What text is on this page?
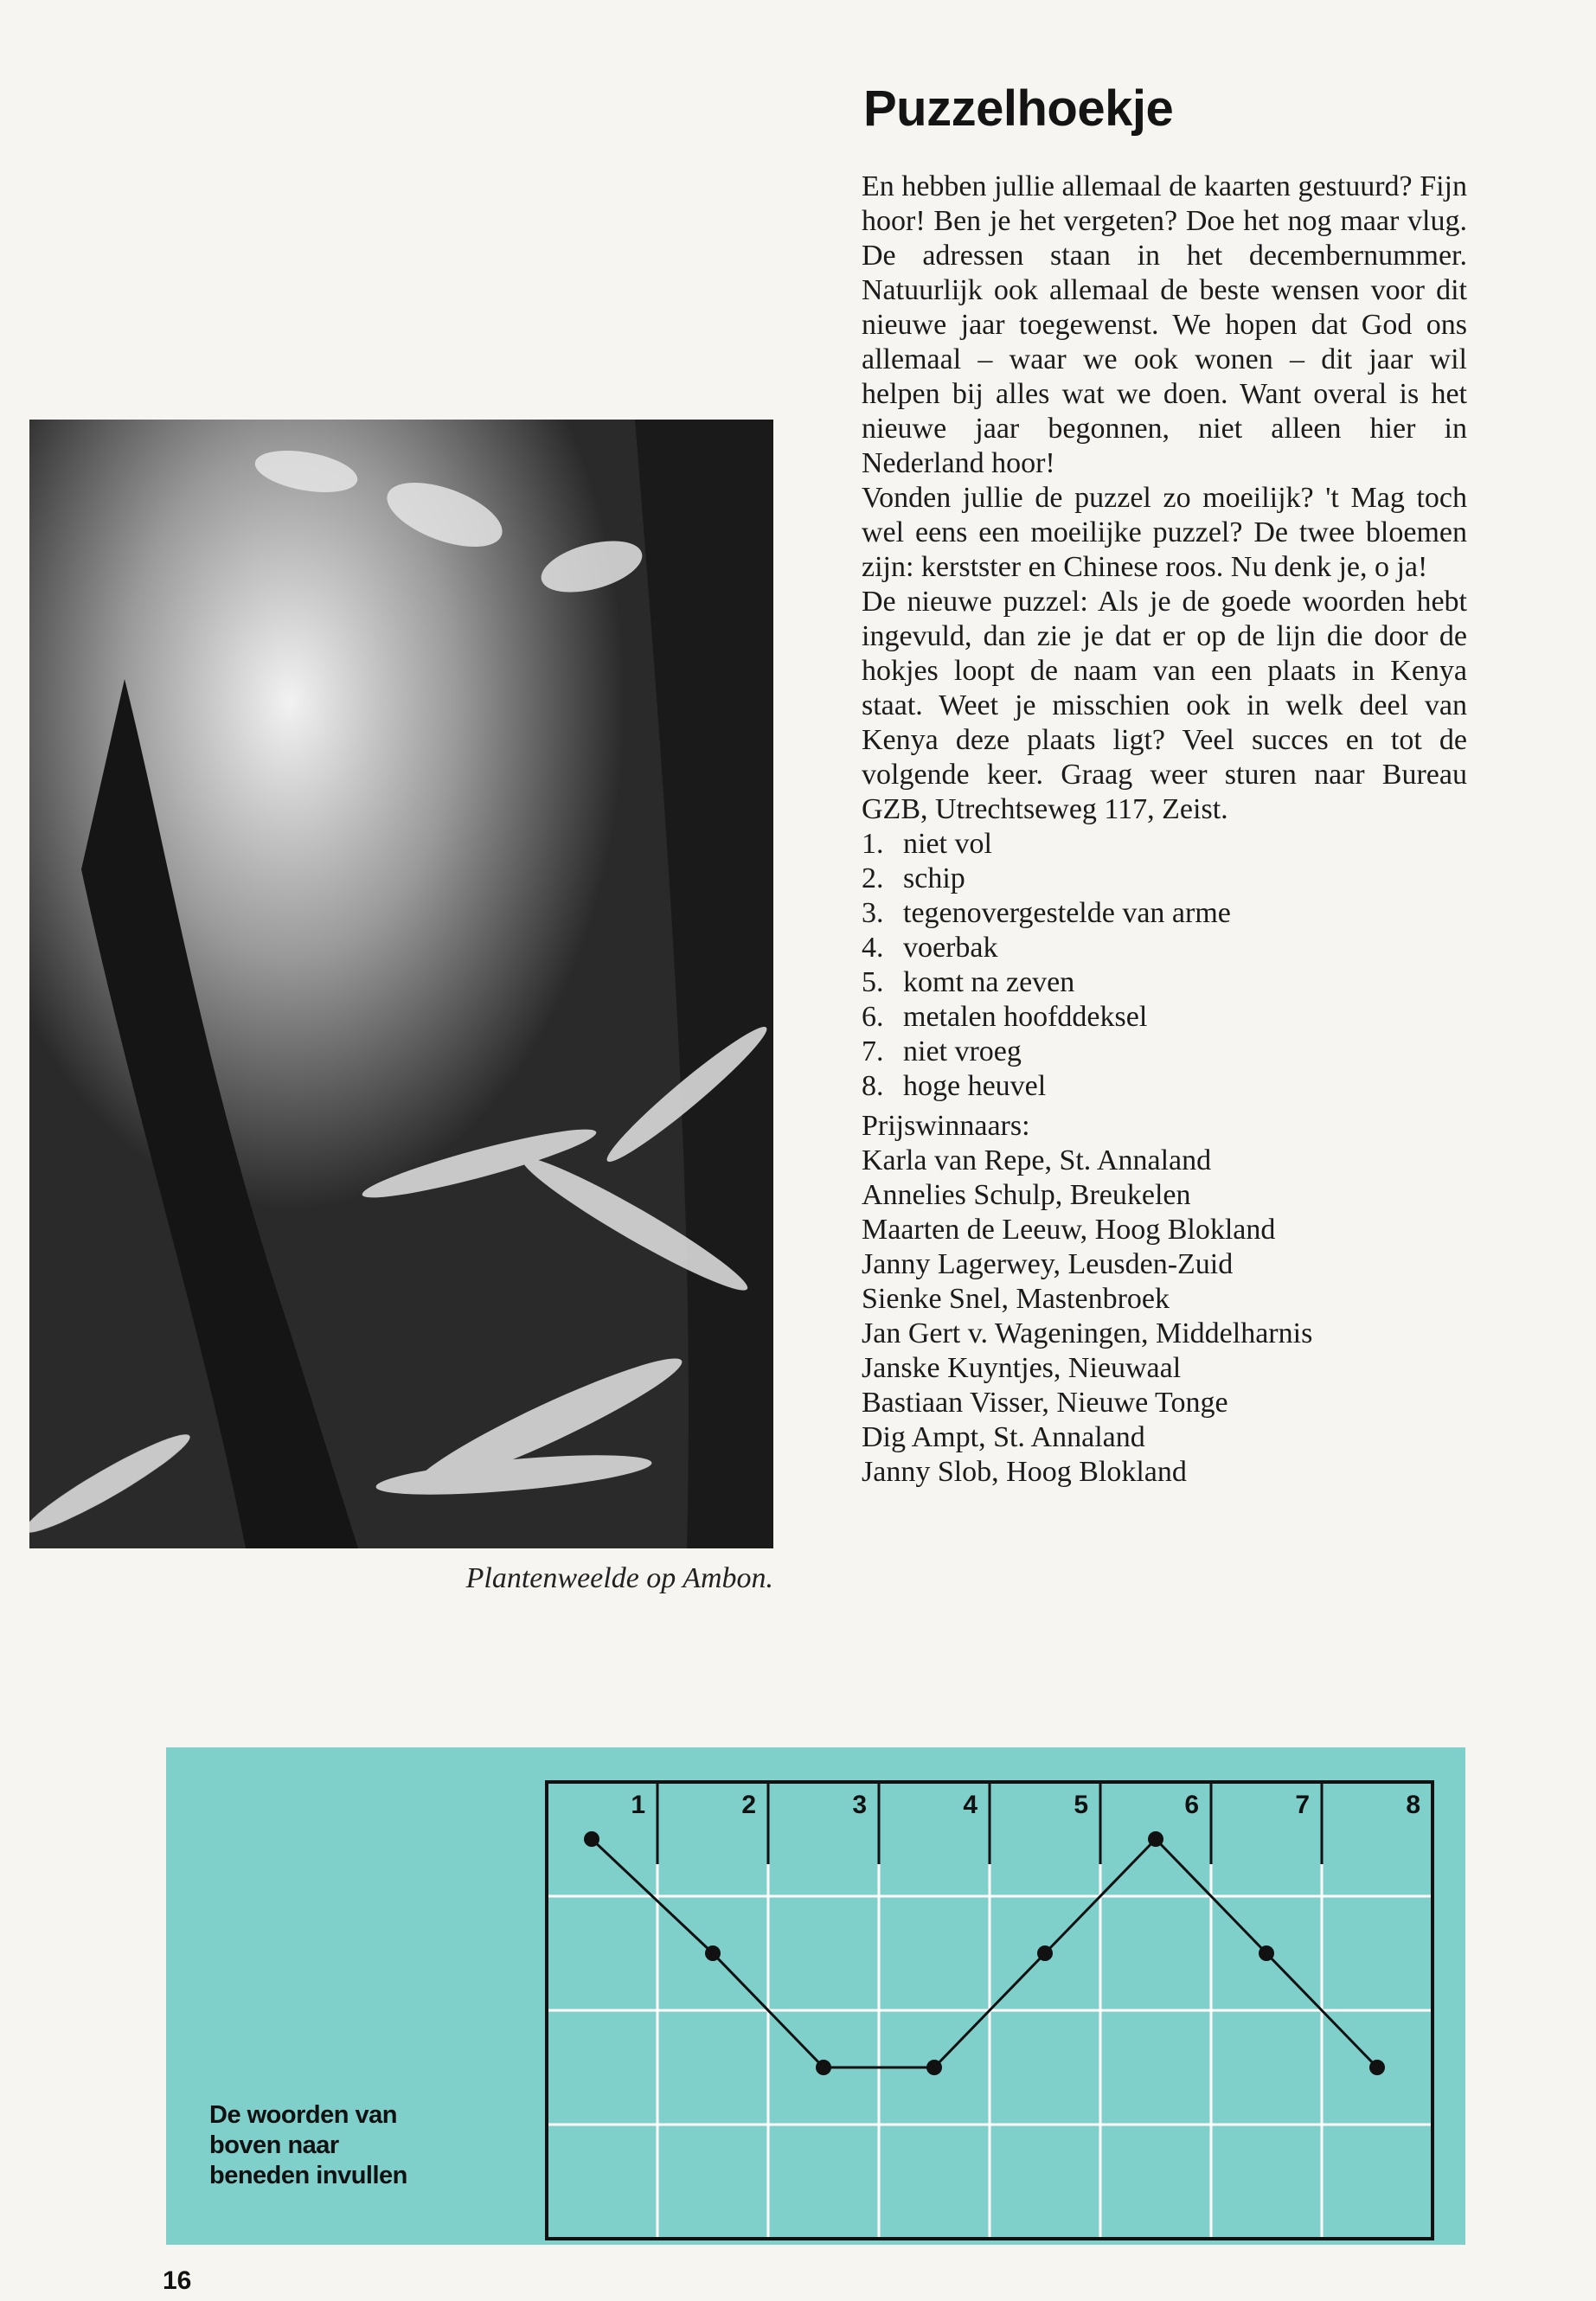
Plantenweelde op Ambon.
Puzzelhoekje

En hebben jullie allemaal de kaarten gestuurd? Fijn hoor! Ben je het vergeten? Doe het nog maar vlug. De adressen staan in het decembernummer. Natuurlijk ook allemaal de beste wensen voor dit nieuwe jaar toegewenst. We hopen dat God ons allemaal – waar we ook wonen – dit jaar wil helpen bij alles wat we doen. Want overal is het nieuwe jaar begonnen, niet alleen hier in Nederland hoor!

Vonden jullie de puzzel zo moeilijk? 't Mag toch wel eens een moeilijke puzzel? De twee bloemen zijn: kerstster en Chinese roos. Nu denk je, o ja!

De nieuwe puzzel: Als je de goede woorden hebt ingevuld, dan zie je dat er op de lijn die door de hokjes loopt de naam van een plaats in Kenya staat. Weet je misschien ook in welk deel van Kenya deze plaats ligt? Veel succes en tot de volgende keer. Graag weer sturen naar Bureau GZB, Utrechtseweg 117, Zeist.

1. niet vol
2. schip
3. tegenovergestelde van arme
4. voerbak
5. komt na zeven
6. metalen hoofddeksel
7. niet vroeg
8. hoge heuvel
Prijswinnaars:
Karla van Repe, St. Annaland
Annelies Schulp, Breukelen
Maarten de Leeuw, Hoog Blokland
Janny Lagerwey, Leusden-Zuid
Sienke Snel, Mastenbroek
Jan Gert v. Wageningen, Middelharnis
Janske Kuyntjes, Nieuwaal
Bastiaan Visser, Nieuwe Tonge
Dig Ampt, St. Annaland
Janny Slob, Hoog Blokland
1	2	3	4	5	6	7	8
De woorden van boven naar beneden invullen
16
